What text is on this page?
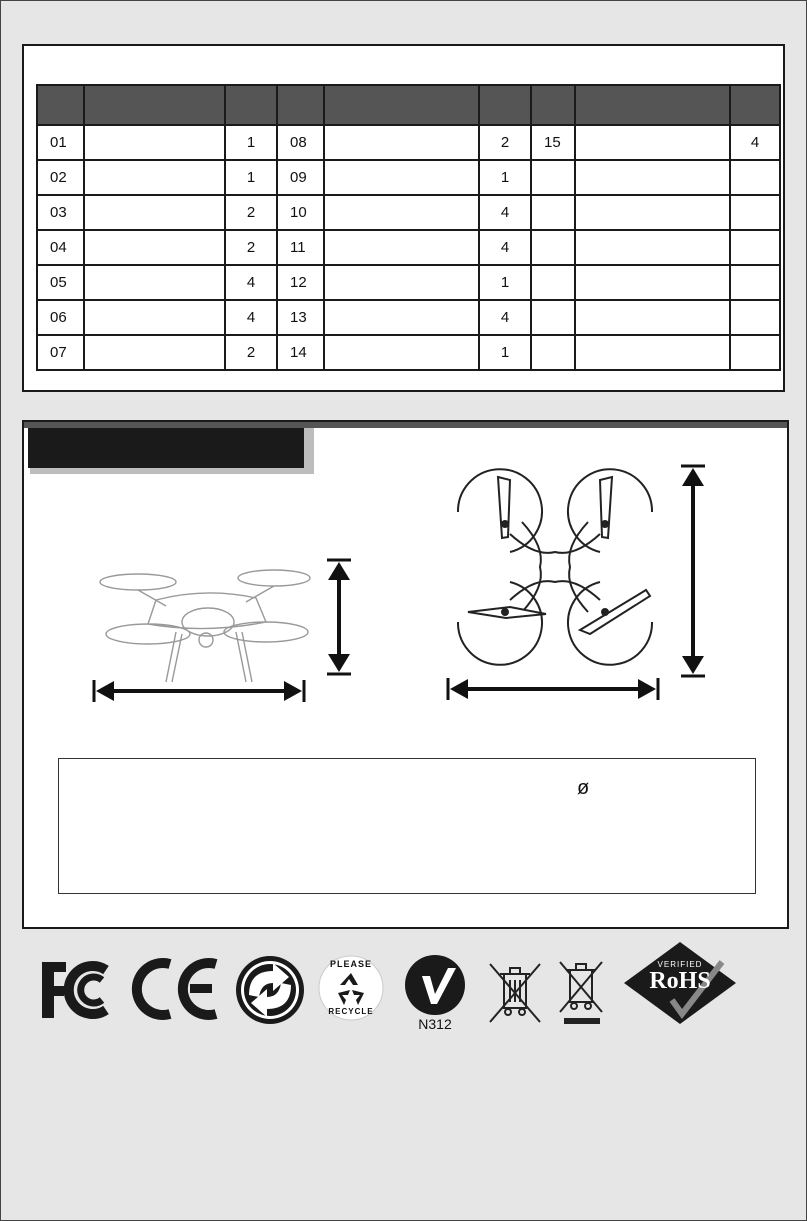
01		1	08		2	15		4
02		1	09		1			
03		2	10		4			
04		2	11		4			
05		4	12		1			
06		4	13		4			
07		2	14		1			
ø
PLEASE
RECYCLE
N312
VERIFIED
RoHS
